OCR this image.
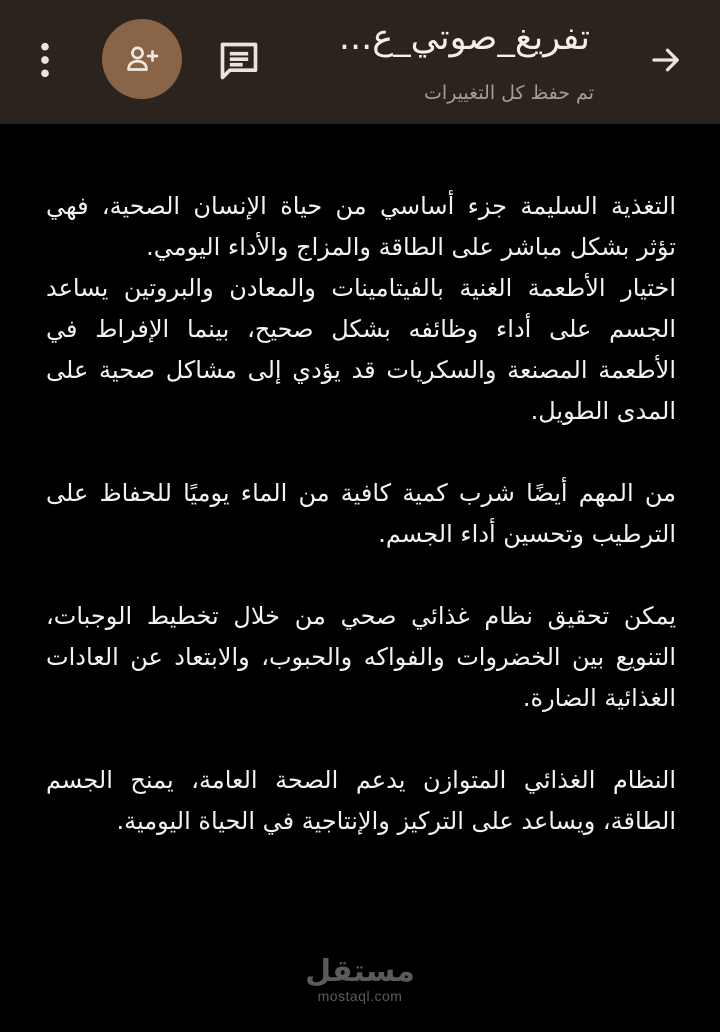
تفريغ_صوتي_ع...
تم حفظ كل التغييرات

التغذية السليمة جزء أساسي من حياة الإنسان الصحية، فهي تؤثر بشكل مباشر على الطاقة والمزاج والأداء اليومي.

اختيار الأطعمة الغنية بالفيتامينات والمعادن والبروتين يساعد الجسم على أداء وظائفه بشكل صحيح، بينما الإفراط في الأطعمة المصنعة والسكريات قد يؤدي إلى مشاكل صحية على المدى الطويل.

من المهم أيضًا شرب كمية كافية من الماء يوميًا للحفاظ على الترطيب وتحسين أداء الجسم.

يمكن تحقيق نظام غذائي صحي من خلال تخطيط الوجبات، التنويع بين الخضروات والفواكه والحبوب، والابتعاد عن العادات الغذائية الضارة.

النظام الغذائي المتوازن يدعم الصحة العامة، يمنح الجسم الطاقة، ويساعد على التركيز والإنتاجية في الحياة اليومية.

مستقل
mostaql.com
